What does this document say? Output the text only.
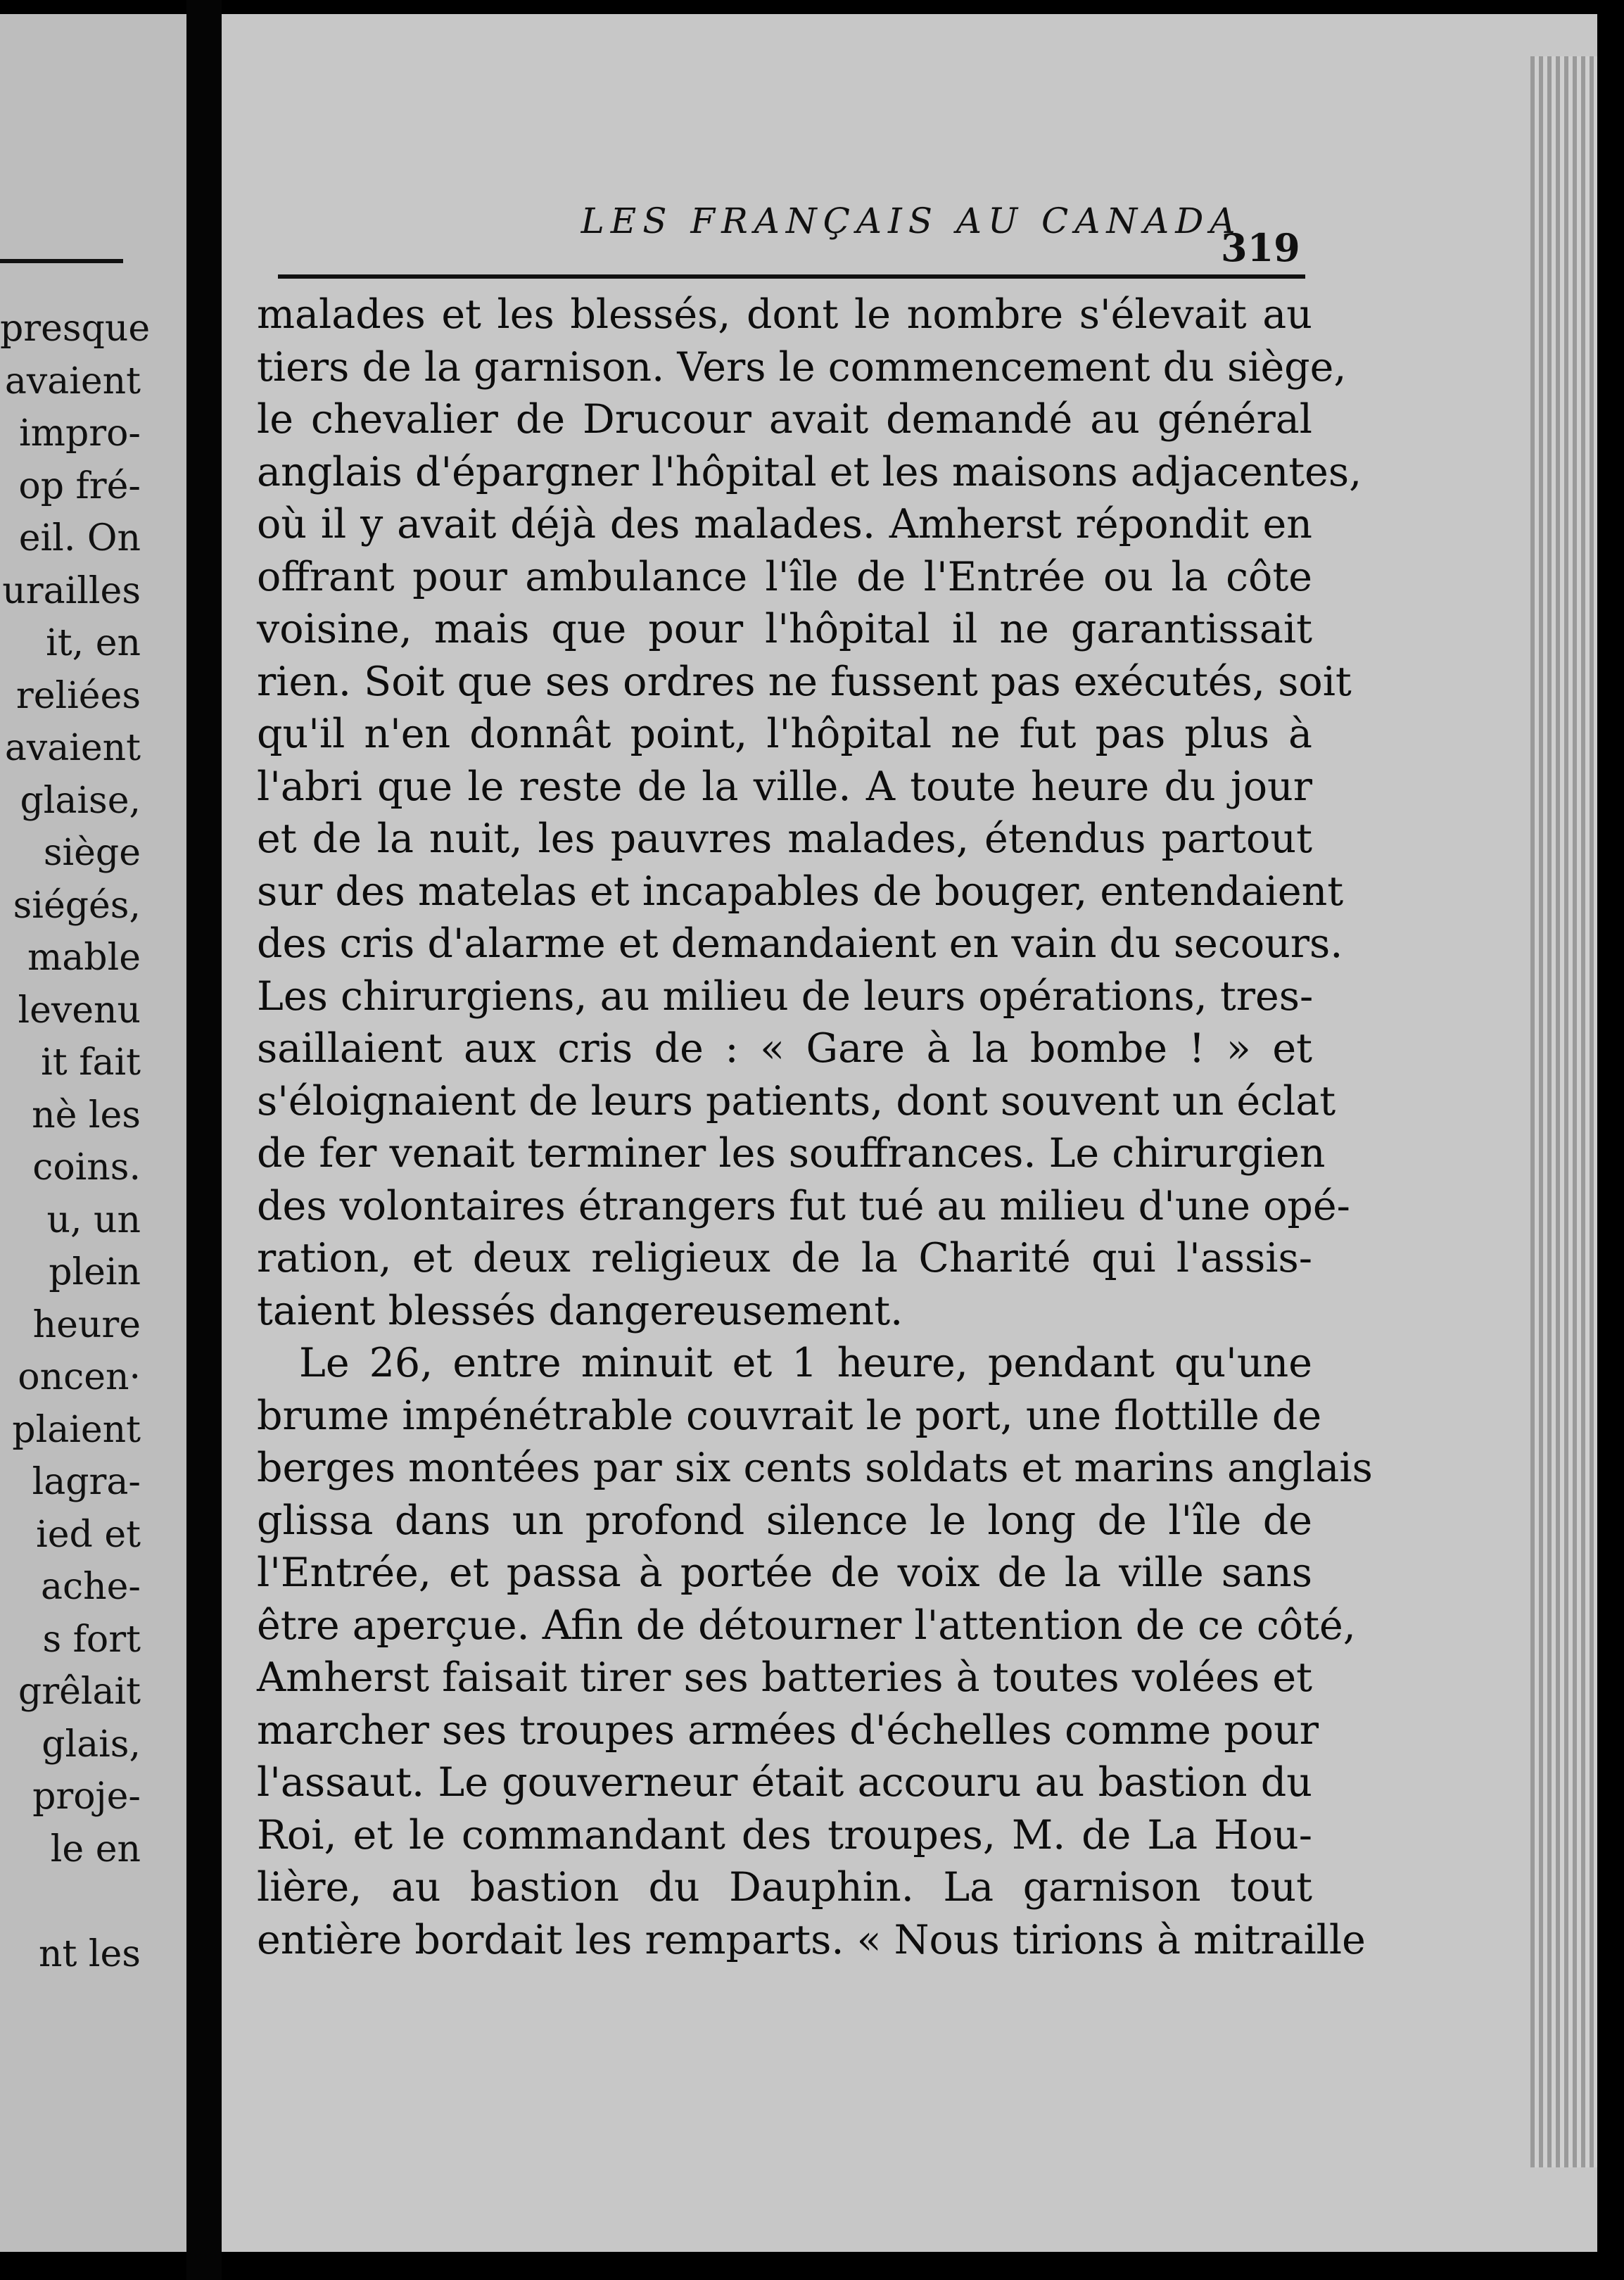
presque
avaient
impro-
op fré-
eil. On
urailles
it, en
reliées
avaient
glaise,
siège
siégés,
mable
levenu
it fait
nè les
coins.
u, un
plein
heure
oncen·
plaient
lagra-
ied et
ache-
s fort
grêlait
glais,
proje-
le en

nt les
LES FRANÇAIS AU CANADA
319
malades et les blessés, dont le nombre s'élevait au
tiers de la garnison. Vers le commencement du siège,
le chevalier de Drucour avait demandé au général
anglais d'épargner l'hôpital et les maisons adjacentes,
où il y avait déjà des malades. Amherst répondit en
offrant pour ambulance l'île de l'Entrée ou la côte
voisine, mais que pour l'hôpital il ne garantissait
rien. Soit que ses ordres ne fussent pas exécutés, soit
qu'il n'en donnât point, l'hôpital ne fut pas plus à
l'abri que le reste de la ville. A toute heure du jour
et de la nuit, les pauvres malades, étendus partout
sur des matelas et incapables de bouger, entendaient
des cris d'alarme et demandaient en vain du secours.
Les chirurgiens, au milieu de leurs opérations, tres-
saillaient aux cris de : « Gare à la bombe ! » et
s'éloignaient de leurs patients, dont souvent un éclat
de fer venait terminer les souffrances. Le chirurgien
des volontaires étrangers fut tué au milieu d'une opé-
ration, et deux religieux de la Charité qui l'assis-
taient blessés dangereusement.
Le 26, entre minuit et 1 heure, pendant qu'une
brume impénétrable couvrait le port, une flottille de
berges montées par six cents soldats et marins anglais
glissa dans un profond silence le long de l'île de
l'Entrée, et passa à portée de voix de la ville sans
être aperçue. Afin de détourner l'attention de ce côté,
Amherst faisait tirer ses batteries à toutes volées et
marcher ses troupes armées d'échelles comme pour
l'assaut. Le gouverneur était accouru au bastion du
Roi, et le commandant des troupes, M. de La Hou-
lière, au bastion du Dauphin. La garnison tout
entière bordait les remparts. « Nous tirions à mitraille
